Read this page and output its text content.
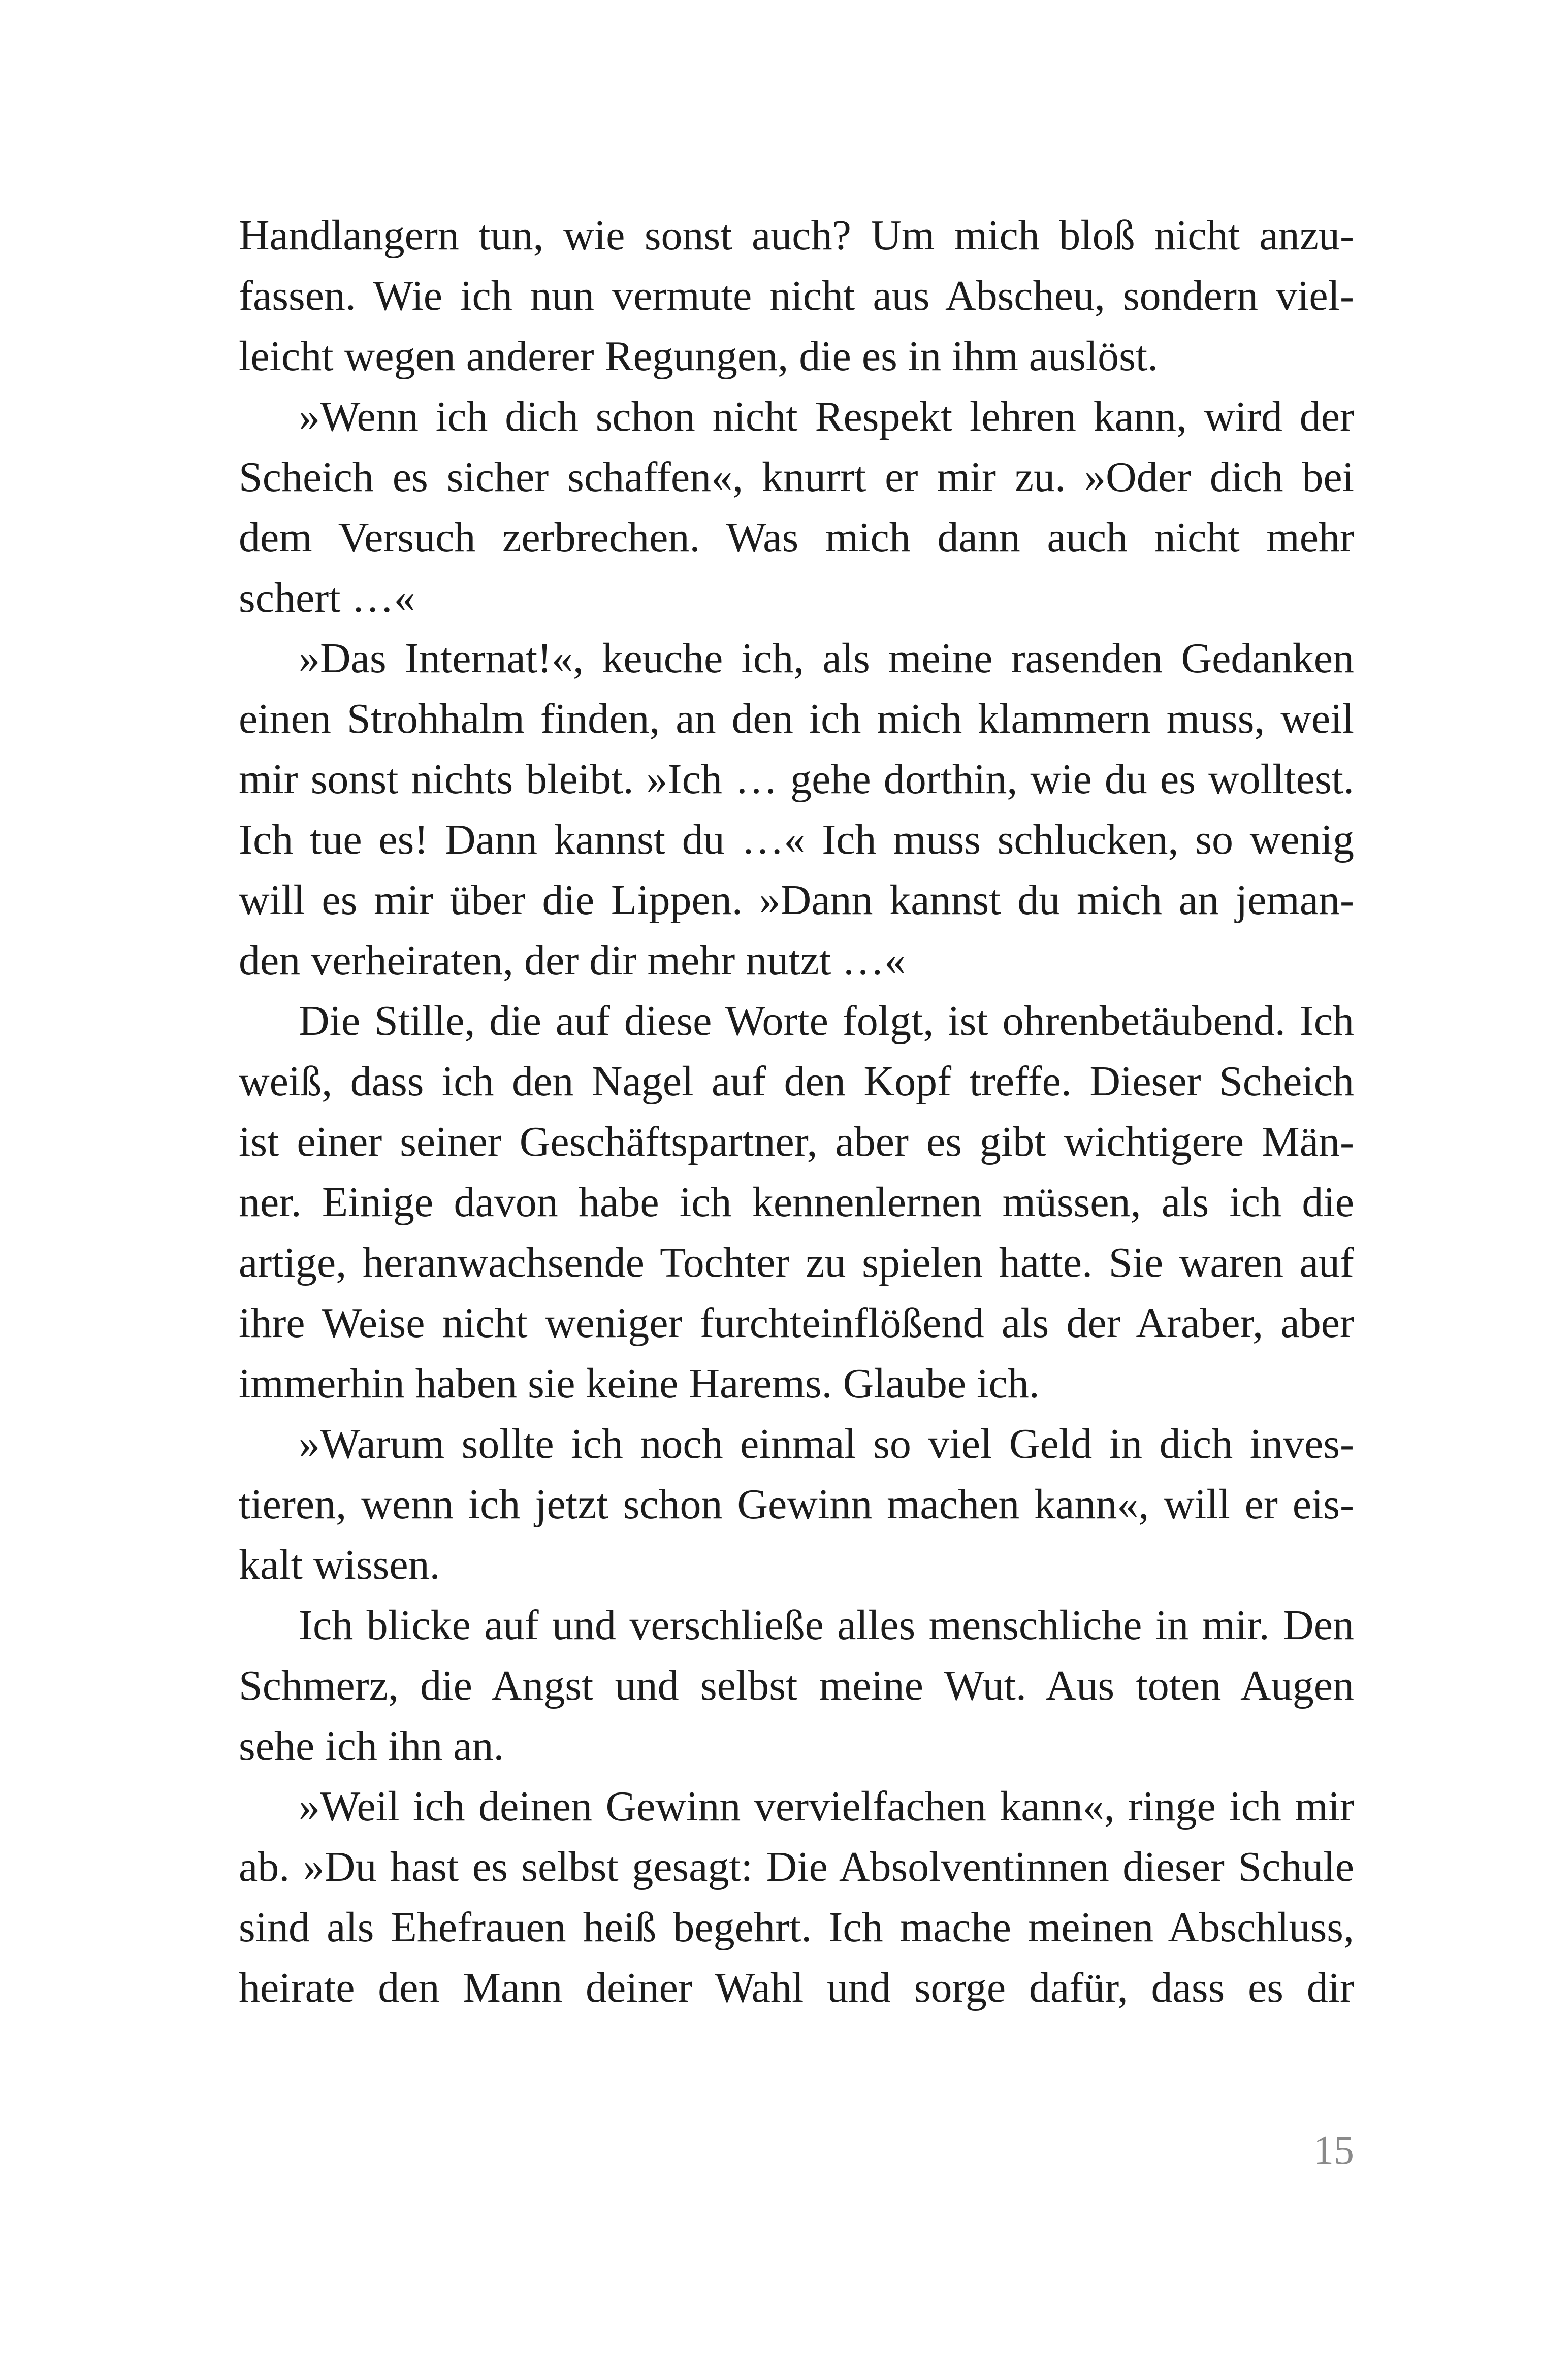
Handlangern tun, wie sonst auch? Um mich bloß nicht anzu-
fassen. Wie ich nun vermute nicht aus Abscheu, sondern viel-
leicht wegen anderer Regungen, die es in ihm auslöst.
»Wenn ich dich schon nicht Respekt lehren kann, wird der
Scheich es sicher schaffen«, knurrt er mir zu. »Oder dich bei
dem Versuch zerbrechen. Was mich dann auch nicht mehr
schert …«
»Das Internat!«, keuche ich, als meine rasenden Gedanken
einen Strohhalm finden, an den ich mich klammern muss, weil
mir sonst nichts bleibt. »Ich … gehe dorthin, wie du es wolltest.
Ich tue es! Dann kannst du …« Ich muss schlucken, so wenig
will es mir über die Lippen. »Dann kannst du mich an jeman-
den verheiraten, der dir mehr nutzt …«
Die Stille, die auf diese Worte folgt, ist ohrenbetäubend. Ich
weiß, dass ich den Nagel auf den Kopf treffe. Dieser Scheich
ist einer seiner Geschäftspartner, aber es gibt wichtigere Män-
ner. Einige davon habe ich kennenlernen müssen, als ich die
artige, heranwachsende Tochter zu spielen hatte. Sie waren auf
ihre Weise nicht weniger furchteinflößend als der Araber, aber
immerhin haben sie keine Harems. Glaube ich.
»Warum sollte ich noch einmal so viel Geld in dich inves-
tieren, wenn ich jetzt schon Gewinn machen kann«, will er eis-
kalt wissen.
Ich blicke auf und verschließe alles menschliche in mir. Den
Schmerz, die Angst und selbst meine Wut. Aus toten Augen
sehe ich ihn an.
»Weil ich deinen Gewinn vervielfachen kann«, ringe ich mir
ab. »Du hast es selbst gesagt: Die Absolventinnen dieser Schule
sind als Ehefrauen heiß begehrt. Ich mache meinen Abschluss,
heirate den Mann deiner Wahl und sorge dafür, dass es dir
15
